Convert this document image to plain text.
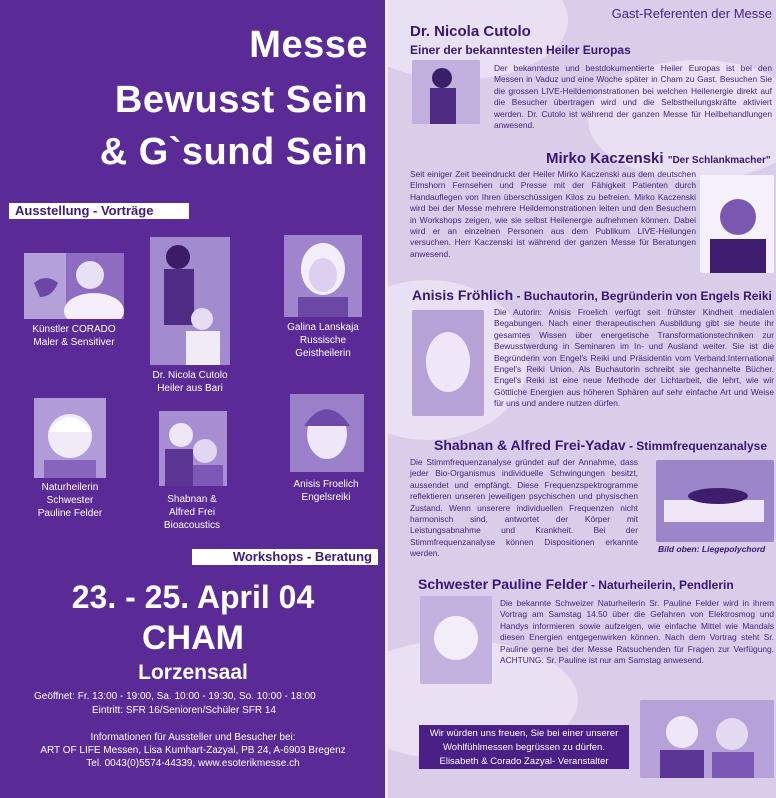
Messe
Bewusst Sein
& G`sund Sein
Ausstellung - Vorträge
Künstler CORADO
Maler & Sensitiver
Dr. Nicola Cutolo
Heiler aus Bari
Galina Lanskaja
Russische
Geistheilerin
Naturheilerin
Schwester
Pauline Felder
Shabnan &
Alfred Frei
Bioacoustics
Anisis Froelich
Engelsreiki
Workshops - Beratung
23. - 25. April 04
CHAM
Lorzensaal
Geöffnet: Fr. 13:00 - 19:00, Sa. 10:00 - 19:30, So. 10:00 - 18:00
Eintritt: SFR 16/Senioren/Schüler SFR 14
Informationen für Aussteller und Besucher bei:
ART OF LIFE Messen, Lisa Kumhart-Zazyal, PB 24, A-6903 Bregenz
Tel. 0043(0)5574-44339, www.esoterikmesse.ch
Gast-Referenten der Messe
Dr. Nicola Cutolo
Einer der bekanntesten Heiler Europas
Der bekannteste und bestdokumentierte Heiler Europas ist bei den Messen in Vaduz und eine Woche später in Cham zu Gast. Besuchen Sie die grossen LIVE-Heildemonstrationen bei welchen Heilenergie direkt auf die Besucher übertragen wird und die Selbstheilungskräfte aktiviert werden. Dr. Cutolo ist während der ganzen Messe für Heilbehandlungen anwesend.
Mirko Kaczenski "Der Schlankmacher"
Seit einiger Zeit beeindruckt der Heiler Mirko Kaczenski aus dem deutschen Elmshorn Fernsehen und Presse mit der Fähigkeit Patienten durch Handauflegen von Ihren überschüssigen Kilos zu befreien. Mirko Kaczenski wird bei der Messe mehrere Heildemonstrationen leiten und den Besuchern in Workshops zeigen, wie sie selbst Heilenergie aufnehmen können. Dabei wird er an einzelnen Personen aus dem Publikum LIVE-Heilungen versuchen. Herr Kaczenski ist während der ganzen Messe für Beratungen anwesend.
Anisis Fröhlich - Buchautorin, Begründerin von Engels Reiki
Die Autorin: Anisis Froelich verfügt seit frühster Kindheit medialen Begabungen. Nach einer therapeutischen Ausbildung gibt sie heute ihr gesamtes Wissen über energetische Transformationstechniken zur Bewusstwerdung in Seminaren im In- und Ausland weiter. Sie ist die Begründerin von Engel's Reiki und Präsidentin vom Verband:International Engel's Reiki Union. Als Buchautorin schreibt sie gechannelte Bücher. Engel's Reiki ist eine neue Methode der Lichtarbeit, die lehrt, wie wir Göttliche Energien aus höheren Sphären auf sehr einfache Art und Weise für uns und andere nutzen dürfen.
Shabnan & Alfred Frei-Yadav - Stimmfrequenzanalyse
Die Stimmfrequenzanalyse gründet auf der Annahme, dass jeder Bio-Organismus individuelle Schwingungen besitzt, aussendet und empfängt. Diese Frequenzspektrogramme reflektieren unseren jeweiligen psychischen und physischen Zustand. Wenn unserere individuellen Frequenzen nicht harmonisch sind, antwortet der Körper mit Leistungsabnahme und Krankheit. Bei der Stimmfrequenzanalyse können Dispositionen erkannte werden.	Bild oben: Liegepolychord
Schwester Pauline Felder - Naturheilerin, Pendlerin
Die bekannte Schweizer Naturheilerin Sr. Pauline Felder wird in ihrem Vortrag am Samstag 14.50 über die Gefahren von Elektrosmog und Handys informieren sowie aufzeigen, wie einfache Mittel wie Mandals diesen Energien entgegenwirken können. Nach dem Vortrag steht Sr. Pauline gerne bei der Messe Ratsuchenden für Fragen zur Verfügung. ACHTUNG: Sr. Pauline ist nur am Samstag anwesend.
Wir würden uns freuen, Sie bei einer unserer
Wohlfühlmessen begrüssen zu dürfen.
Elisabeth & Corado Zazyal- Veranstalter
